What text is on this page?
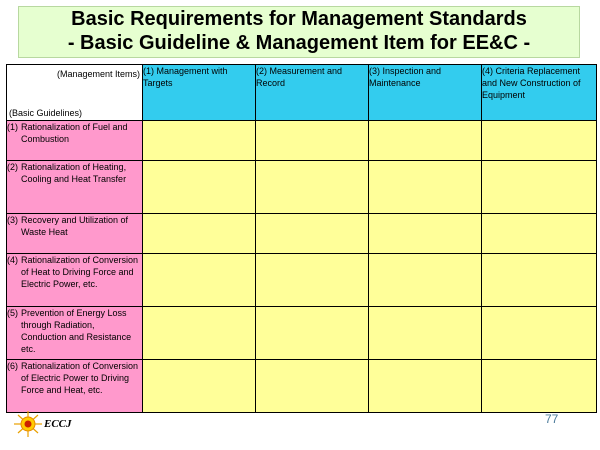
Basic Requirements for Management Standards
- Basic Guideline & Management Item for EE&C -
(Management Items)
(Basic Guidelines)	(1) Management with Targets	(2) Measurement and Record	(3) Inspection and Maintenance	(4) Criteria Replacement and New Construction of Equipment
(1) Rationalization of Fuel and Combustion				
(2) Rationalization of Heating, Cooling and Heat Transfer				
(3) Recovery and Utilization of Waste Heat				

(4) Rationalization of Conversion of Heat to Driving Force and Electric Power, etc.				

(5) Prevention of Energy Loss through Radiation, Conduction and Resistance etc.				

(6) Rationalization of Conversion of Electric Power to Driving Force and Heat, etc.				

ECCJ	77
